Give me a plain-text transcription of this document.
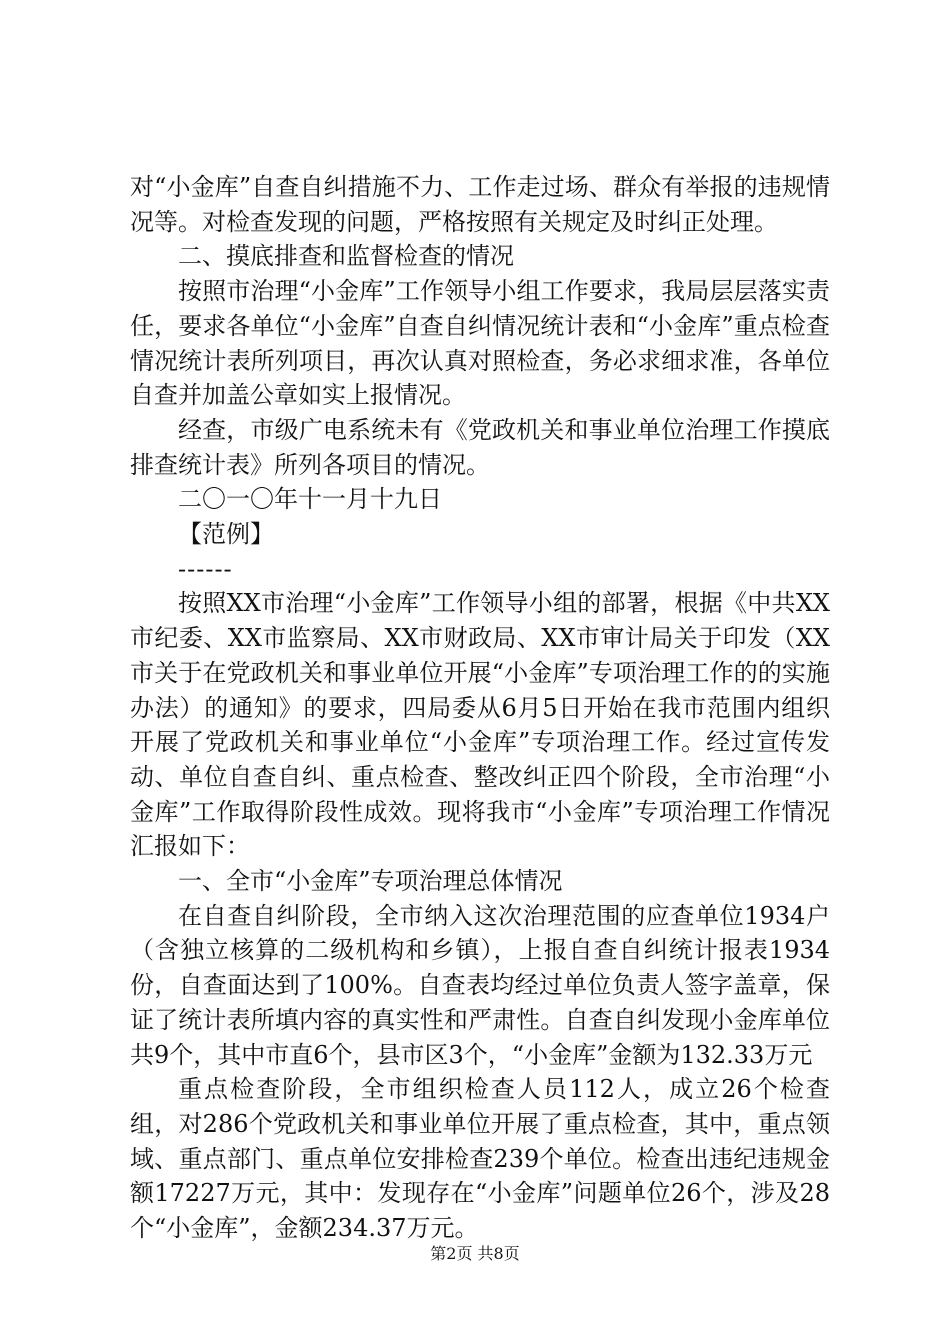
对“小金库”自查自纠措施不力、工作走过场、群众有举报的违规情况等。对检查发现的问题，严格按照有关规定及时纠正处理。

二、摸底排查和监督检查的情况

按照市治理“小金库”工作领导小组工作要求，我局层层落实责任，要求各单位“小金库”自查自纠情况统计表和“小金库”重点检查情况统计表所列项目，再次认真对照检查，务必求细求准，各单位自查并加盖公章如实上报情况。

经查，市级广电系统未有《党政机关和事业单位治理工作摸底排查统计表》所列各项目的情况。

二〇一〇年十一月十九日

【范例】

------

按照XX市治理“小金库”工作领导小组的部署，根据《中共XX市纪委、XX市监察局、XX市财政局、XX市审计局关于印发（XX市关于在党政机关和事业单位开展“小金库”专项治理工作的的实施办法）的通知》的要求，四局委从6月5日开始在我市范围内组织开展了党政机关和事业单位“小金库”专项治理工作。经过宣传发动、单位自查自纠、重点检查、整改纠正四个阶段，全市治理“小金库”工作取得阶段性成效。现将我市“小金库”专项治理工作情况汇报如下：

一、全市“小金库”专项治理总体情况

在自查自纠阶段，全市纳入这次治理范围的应查单位1934户（含独立核算的二级机构和乡镇），上报自查自纠统计报表1934份，自查面达到了100%。自查表均经过单位负责人签字盖章，保证了统计表所填内容的真实性和严肃性。自查自纠发现小金库单位共9个，其中市直6个，县市区3个，“小金库”金额为132.33万元

重点检查阶段，全市组织检查人员112人，成立26个检查组，对286个党政机关和事业单位开展了重点检查，其中，重点领域、重点部门、重点单位安排检查239个单位。检查出违纪违规金额17227万元，其中：发现存在“小金库”问题单位26个，涉及28个“小金库”，金额234.37万元。

第2页 共8页
